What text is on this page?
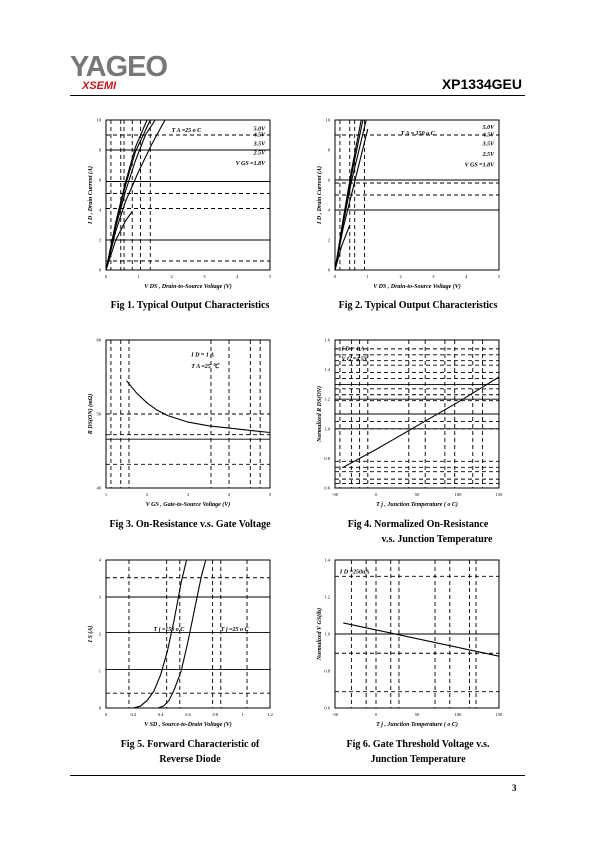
YAGEO
XSEMI	XP1334GEU
0	1	2	3	4	5
0
2
4
6
8
10
V DS , Drain-to-Source Voltage (V)
I D , Drain Current (A)
T A =25 o C	5.0V
4.5V
3.5V
2.5V
V GS =1.8V
Fig 1. Typical Output Characteristics
0	1	2	3	4	5
0
2
4
6
8
10
V DS , Drain-to-Source Voltage (V)
I D , Drain Current (A)
T A = 150 o C
5.0V
4.5V
3.5V
2.5V
V GS =1.8V
Fig 2. Typical Output Characteristics
1	2	3	4	5
40
50
60
V GS , Gate-to-Source Voltage (V)
R DS(ON) (mΩ)
I D = 1 A
T A =25 ℃
Fig 3. On-Resistance v.s. Gate Voltage
-50	0	50	100	150
0.6
0.8
1.0
1.2
1.4
1.6
T j , Junction Temperature ( o C)
Normalized R DS(ON)
I D = 1 A
V G =4.5V
Fig 4. Normalized On-Resistance
v.s. Junction Temperature
0	0.2	0.4	0.6	0.8	1	1.2
0
1
2
3
4
V SD , Source-to-Drain Voltage (V)
I S (A)	T j =150 o C	T j =25 o C
Fig 5. Forward Characteristic of
Reverse Diode
-50	0	50	100	150
0.6
0.8
1.0
1.2
1.4
T j , Junction Temperature ( o C)
Normalized V GS(th)
I D =250uA
Fig 6. Gate Threshold Voltage v.s.
Junction Temperature
3
